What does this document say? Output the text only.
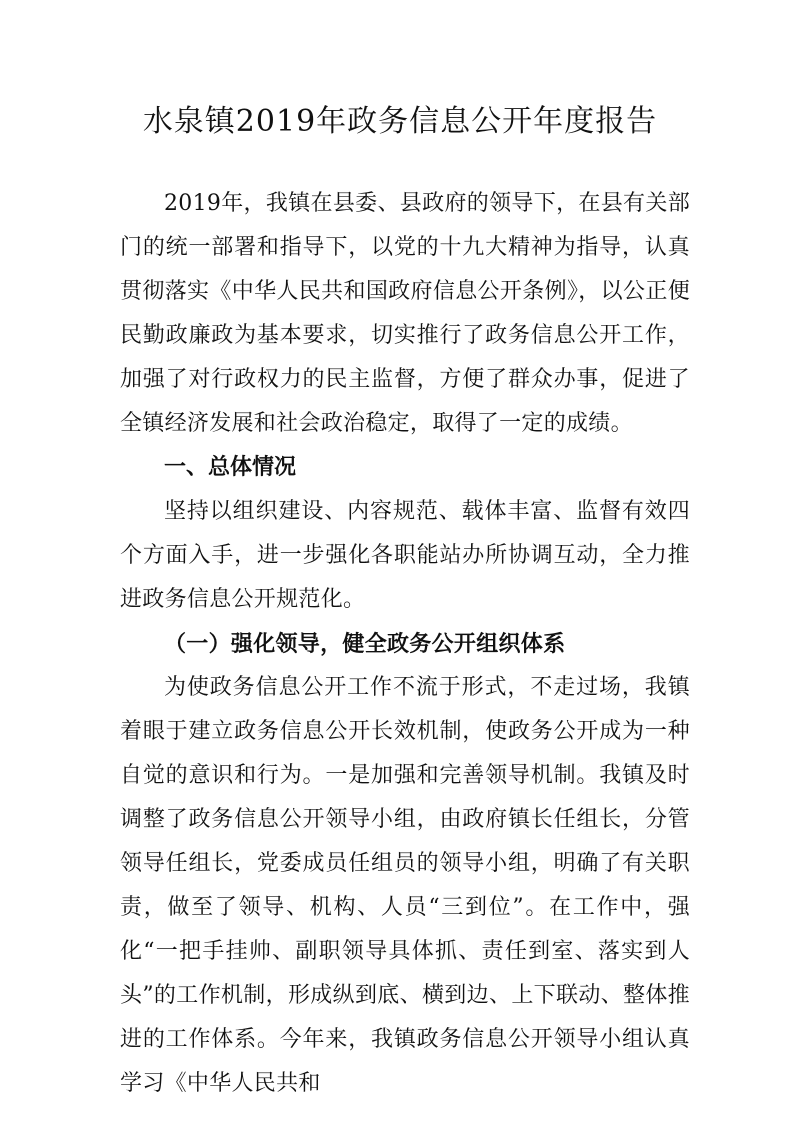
水泉镇2019年政务信息公开年度报告

2019年，我镇在县委、县政府的领导下，在县有关部门的统一部署和指导下，以党的十九大精神为指导，认真贯彻落实《中华人民共和国政府信息公开条例》，以公正便民勤政廉政为基本要求，切实推行了政务信息公开工作，加强了对行政权力的民主监督，方便了群众办事，促进了全镇经济发展和社会政治稳定，取得了一定的成绩。

一、总体情况

坚持以组织建设、内容规范、载体丰富、监督有效四个方面入手，进一步强化各职能站办所协调互动，全力推进政务信息公开规范化。

（一）强化领导，健全政务公开组织体系

为使政务信息公开工作不流于形式，不走过场，我镇着眼于建立政务信息公开长效机制，使政务公开成为一种自觉的意识和行为。一是加强和完善领导机制。我镇及时调整了政务信息公开领导小组，由政府镇长任组长，分管领导任组长，党委成员任组员的领导小组，明确了有关职责，做至了领导、机构、人员“三到位”。在工作中，强化“一把手挂帅、副职领导具体抓、责任到室、落实到人头”的工作机制，形成纵到底、横到边、上下联动、整体推进的工作体系。今年来，我镇政务信息公开领导小组认真学习《中华人民共和
